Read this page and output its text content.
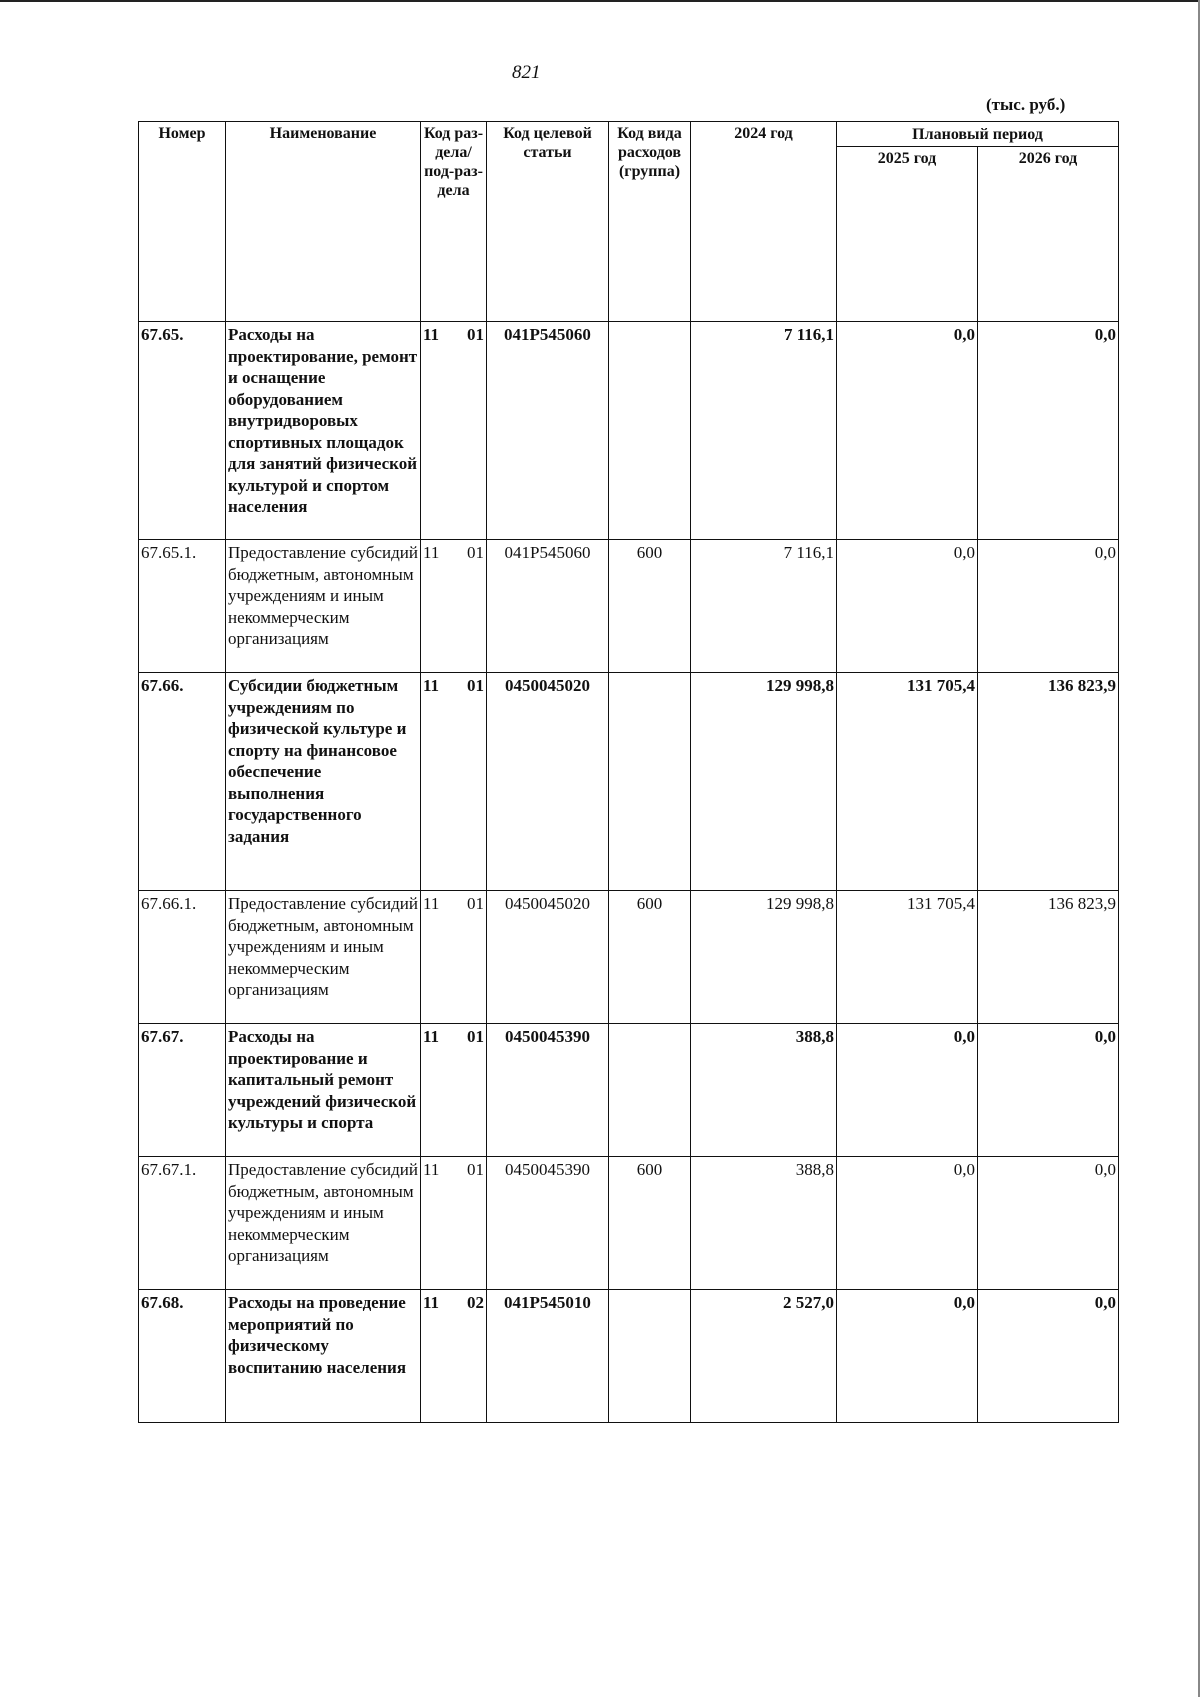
821
(тыс. руб.)
Номер	Наименование	Код раз-дела/ под-раз-дела	Код целевой статьи	Код вида расходов (группа)	2024 год	Плановый период	
						2025 год	2026 год
67.65.	Расходы на проектирование, ремонт и оснащение оборудованием внутридворовых спортивных площадок для занятий физической культурой и спортом населения	11 01	041P545060		7 116,1	0,0	0,0
67.65.1.	Предоставление субсидий бюджетным, автономным учреждениям и иным некоммерческим организациям	11 01	041P545060	600	7 116,1	0,0	0,0
67.66.	Субсидии бюджетным учреждениям по физической культуре и спорту на финансовое обеспечение выполнения государственного задания	11 01	0450045020		129 998,8	131 705,4	136 823,9
67.66.1.	Предоставление субсидий бюджетным, автономным учреждениям и иным некоммерческим организациям	11 01	0450045020	600	129 998,8	131 705,4	136 823,9
67.67.	Расходы на проектирование и капитальный ремонт учреждений физической культуры и спорта	11 01	0450045390		388,8	0,0	0,0
67.67.1.	Предоставление субсидий бюджетным, автономным учреждениям и иным некоммерческим организациям	11 01	0450045390	600	388,8	0,0	0,0
67.68.	Расходы на проведение мероприятий по физическому воспитанию населения	11 02	041P545010		2 527,0	0,0	0,0
